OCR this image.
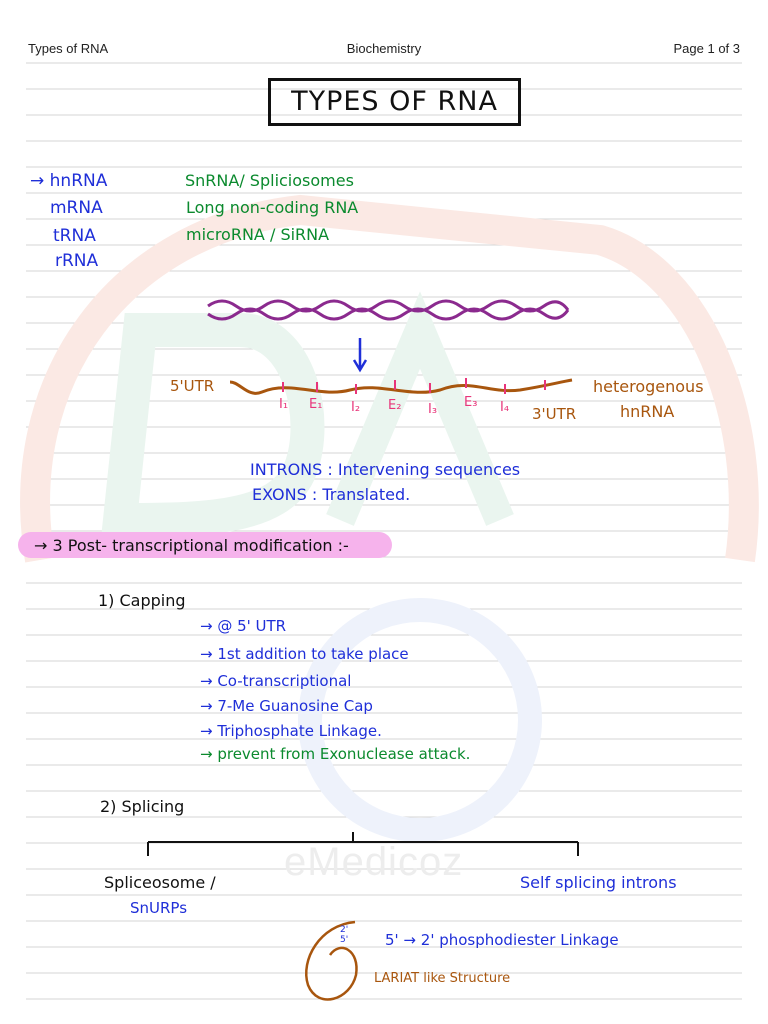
eMedicoz
Types of RNA	Biochemistry	Page 1 of 3
TYPES OF RNA
→ hnRNA
mRNA
tRNA
rRNA
SnRNA/ Spliciosomes
Long non-coding RNA
microRNA / SiRNA
5'UTR
3'UTR
heterogenous
hnRNA
I₁ E₁ I₂ E₂ I₃ E₃ I₄
INTRONS : Intervening sequences
EXONS : Translated.
→ 3 Post- transcriptional modification :-
1) Capping
→ @ 5' UTR
→ 1st addition to take place
→ Co-transcriptional
→ 7-Me Guanosine Cap
→ Triphosphate Linkage.
→ prevent from Exonuclease attack.
2) Splicing
Spliceosome /
SnURPs
Self splicing introns
2'
5' 5' → 2' phosphodiester Linkage
LARIAT like Structure
